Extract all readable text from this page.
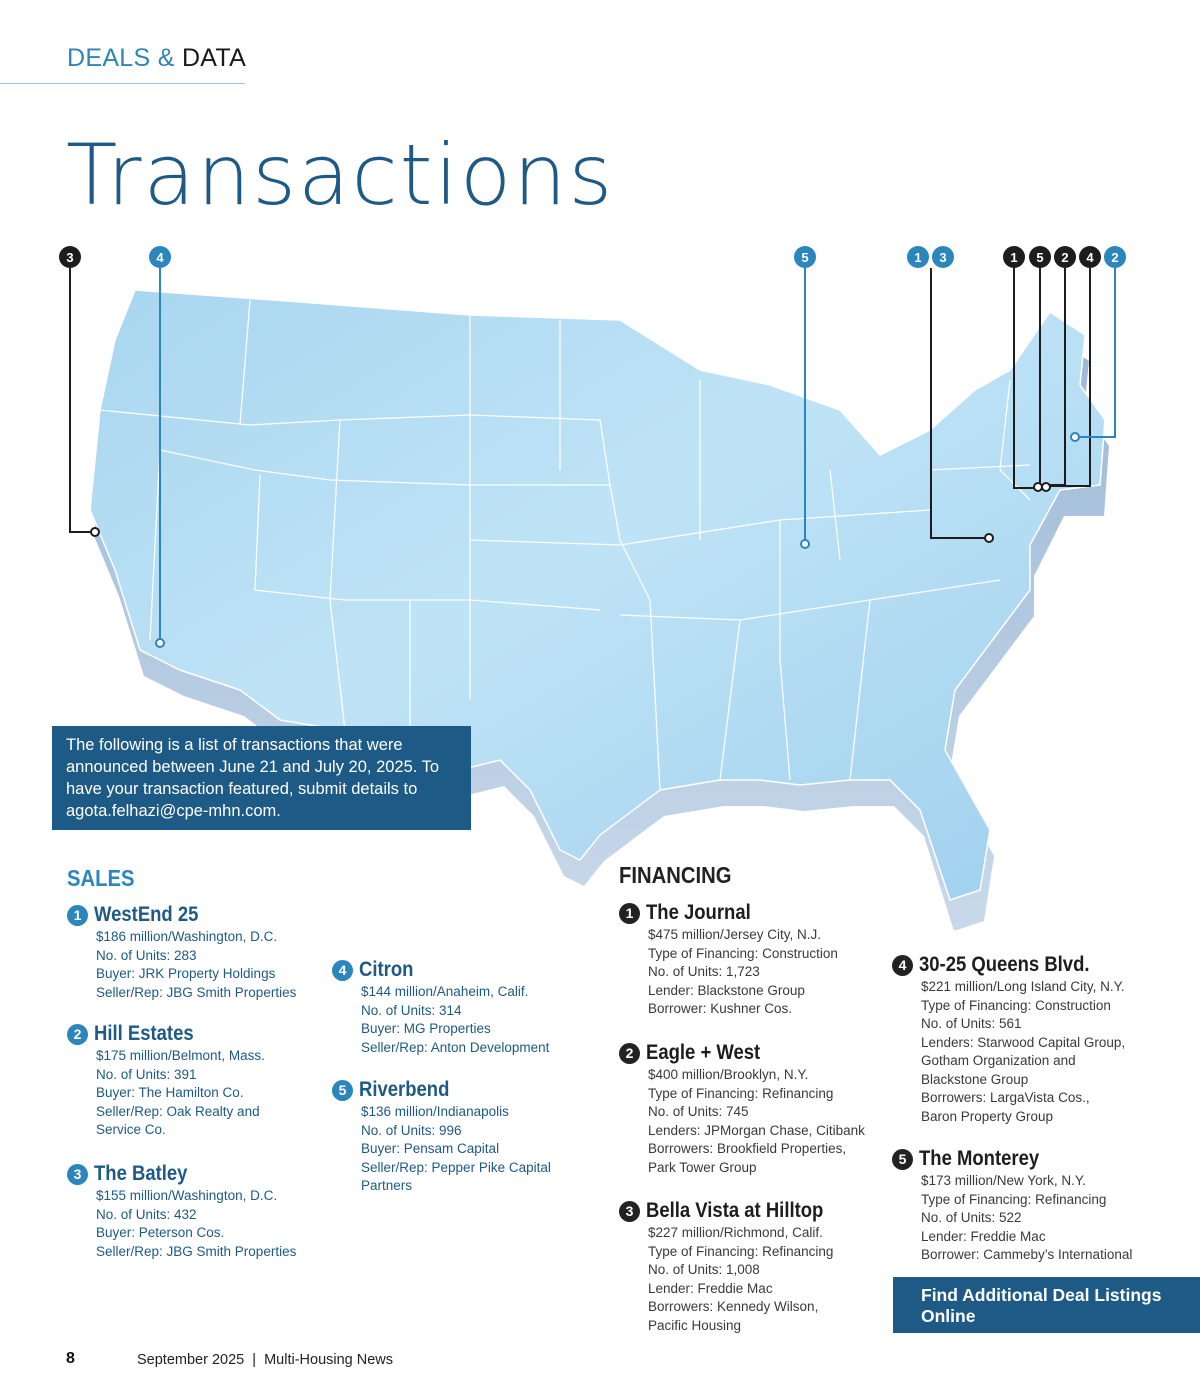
DEALS & DATA
Transactions
3	4	5	1 3	1 5 2 4 2
The following is a list of transactions that were announced between June 21 and July 20, 2025. To have your transaction featured, submit details to agota.felhazi@cpe-mhn.com.
SALES
1 WestEnd 25
$186 million/Washington, D.C.
No. of Units: 283
Buyer: JRK Property Holdings
Seller/Rep: JBG Smith Properties
2 Hill Estates
$175 million/Belmont, Mass.
No. of Units: 391
Buyer: The Hamilton Co.
Seller/Rep: Oak Realty and
Service Co.
3 The Batley
$155 million/Washington, D.C.
No. of Units: 432
Buyer: Peterson Cos.
Seller/Rep: JBG Smith Properties
4 Citron
$144 million/Anaheim, Calif.
No. of Units: 314
Buyer: MG Properties
Seller/Rep: Anton Development
5 Riverbend
$136 million/Indianapolis
No. of Units: 996
Buyer: Pensam Capital
Seller/Rep: Pepper Pike Capital
Partners
FINANCING
1 The Journal
$475 million/Jersey City, N.J.
Type of Financing: Construction
No. of Units: 1,723
Lender: Blackstone Group
Borrower: Kushner Cos.
2 Eagle + West
$400 million/Brooklyn, N.Y.
Type of Financing: Refinancing
No. of Units: 745
Lenders: JPMorgan Chase, Citibank
Borrowers: Brookfield Properties,
Park Tower Group
3 Bella Vista at Hilltop
$227 million/Richmond, Calif.
Type of Financing: Refinancing
No. of Units: 1,008
Lender: Freddie Mac
Borrowers: Kennedy Wilson,
Pacific Housing
4 30-25 Queens Blvd.
$221 million/Long Island City, N.Y.
Type of Financing: Construction
No. of Units: 561
Lenders: Starwood Capital Group,
Gotham Organization and
Blackstone Group
Borrowers: LargaVista Cos.,
Baron Property Group
5 The Monterey
$173 million/New York, N.Y.
Type of Financing: Refinancing
No. of Units: 522
Lender: Freddie Mac
Borrower: Cammeby’s International
Find Additional Deal Listings Online
8	September 2025  |  Multi-Housing News
